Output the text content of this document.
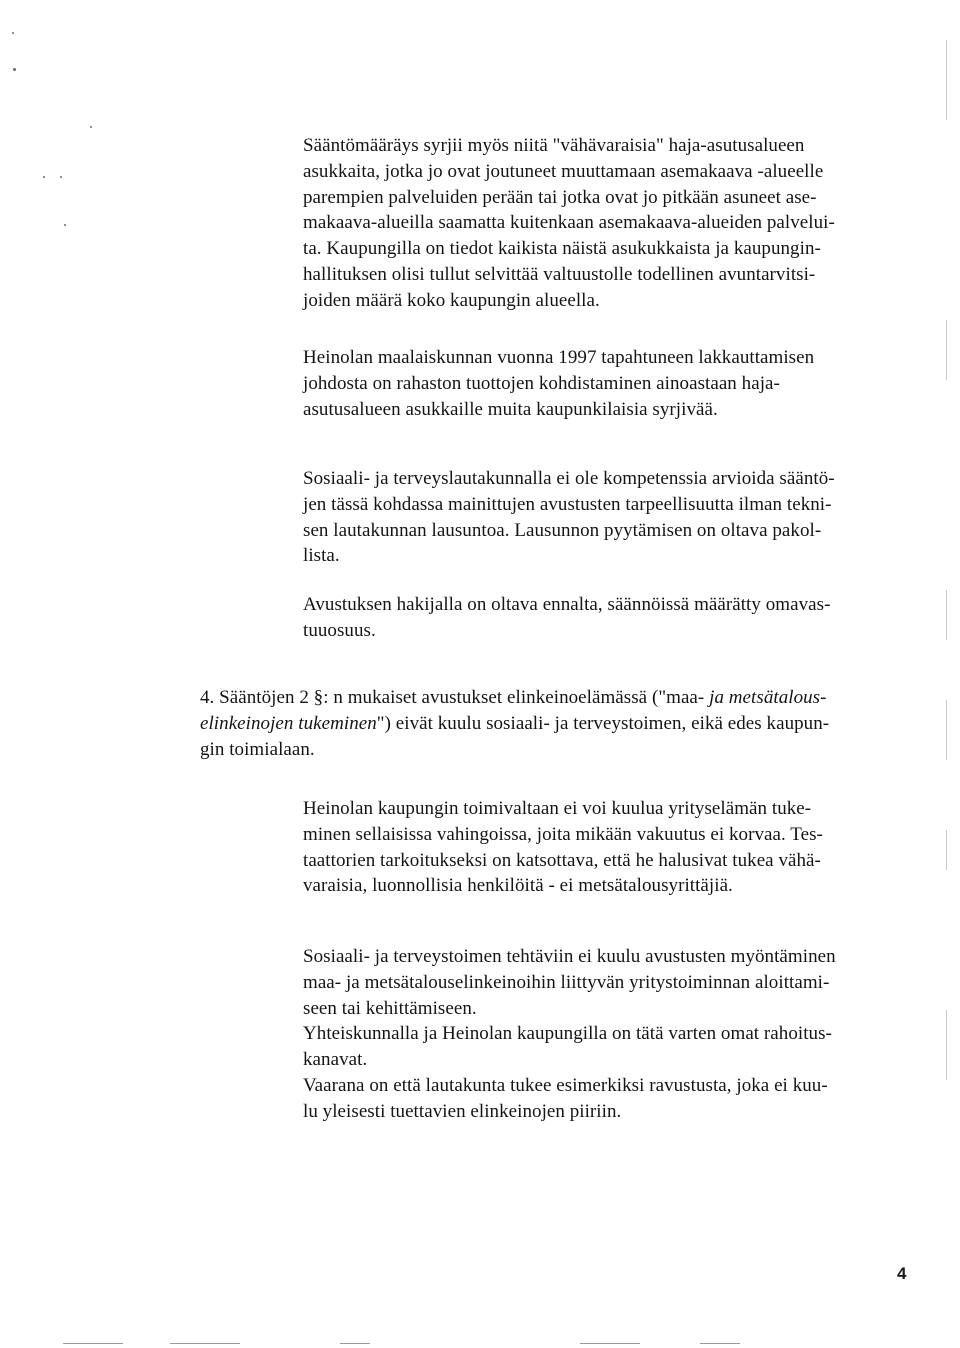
Sääntömääräys syrjii myös niitä "vähävaraisia" haja-asutusalueen
asukkaita, jotka jo ovat joutuneet muuttamaan asemakaava -alueelle
parempien palveluiden perään tai jotka ovat jo pitkään asuneet ase-
makaava-alueilla saamatta kuitenkaan asemakaava-alueiden palvelui-
ta. Kaupungilla on tiedot kaikista näistä asukukkaista ja kaupungin-
hallituksen olisi tullut selvittää valtuustolle todellinen avuntarvitsi-
joiden määrä koko kaupungin alueella.

Heinolan maalaiskunnan vuonna 1997 tapahtuneen lakkauttamisen
johdosta on rahaston tuottojen kohdistaminen ainoastaan haja-
asutusalueen asukkaille muita kaupunkilaisia syrjivää.

Sosiaali- ja terveyslautakunnalla ei ole kompetenssia arvioida sääntö-
jen tässä kohdassa mainittujen avustusten tarpeellisuutta ilman tekni-
sen lautakunnan lausuntoa. Lausunnon pyytämisen on oltava pakol-
lista.

Avustuksen hakijalla on oltava ennalta, säännöissä määrätty omavas-
tuuosuus.

4. Sääntöjen 2 §: n mukaiset avustukset elinkeinoelämässä ("maa- ja metsätalous-
elinkeinojen tukeminen") eivät kuulu sosiaali- ja terveystoimen, eikä edes kaupun-
gin toimialaan.

Heinolan kaupungin toimivaltaan ei voi kuulua yrityselämän tuke-
minen sellaisissa vahingoissa, joita mikään vakuutus ei korvaa. Tes-
taattorien tarkoitukseksi on katsottava, että he halusivat tukea vähä-
varaisia, luonnollisia henkilöitä - ei metsätalousyrittäjiä.

Sosiaali- ja terveystoimen tehtäviin ei kuulu avustusten myöntäminen
maa- ja metsätalouselinkeinoihin liittyvän yritystoiminnan aloittami-
seen tai kehittämiseen.
Yhteiskunnalla ja Heinolan kaupungilla on tätä varten omat rahoitus-
kanavat.
Vaarana on että lautakunta tukee esimerkiksi ravustusta, joka ei kuu-
lu yleisesti tuettavien elinkeinojen piiriin.

4
